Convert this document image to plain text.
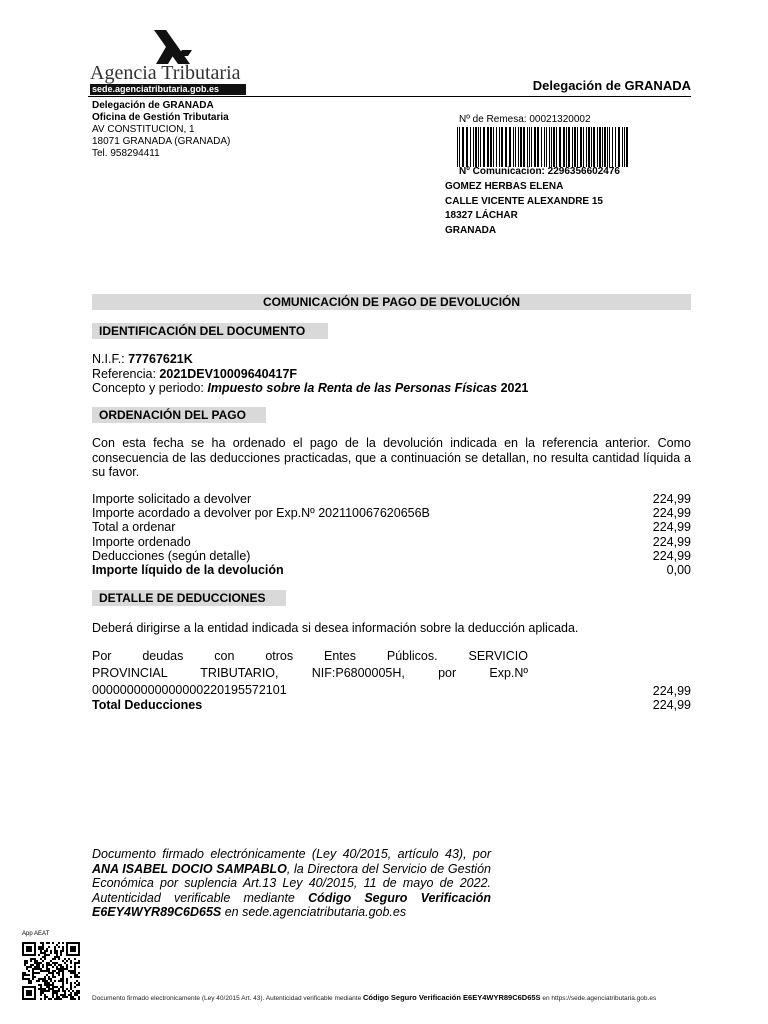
Agencia Tributaria
sede.agenciatributaria.gob.es	Delegación de GRANADA
Delegación de GRANADA
Oficina de Gestión Tributaria
AV CONSTITUCION, 1
18071 GRANADA (GRANADA)
Tel. 958294411
Nº de Remesa: 00021320002
Nº Comunicacion: 2296356602476
GOMEZ HERBAS ELENA
CALLE VICENTE ALEXANDRE 15
18327 LÁCHAR
GRANADA
COMUNICACIÓN DE PAGO DE DEVOLUCIÓN
IDENTIFICACIÓN DEL DOCUMENTO
N.I.F.: 77767621K
Referencia: 2021DEV10009640417F
Concepto y periodo: Impuesto sobre la Renta de las Personas Físicas 2021
ORDENACIÓN DEL PAGO
Con esta fecha se ha ordenado el pago de la devolución indicada en la referencia anterior. Como consecuencia de las deducciones practicadas, que a continuación se detallan, no resulta cantidad líquida a su favor.
Importe solicitado a devolver	224,99
Importe acordado a devolver por Exp.Nº 202110067620656B	224,99
Total a ordenar	224,99
Importe ordenado	224,99
Deducciones (según detalle)	224,99
Importe líquido de la devolución	0,00
DETALLE DE DEDUCCIONES
Deberá dirigirse a la entidad indicada si desea información sobre la deducción aplicada.
Por deudas con otros Entes Públicos. SERVICIO
PROVINCIAL TRIBUTARIO, NIF:P6800005H, por Exp.Nº
0000000000000000220195572101	224,99
Total Deducciones	224,99
Documento firmado electrónicamente (Ley 40/2015, artículo 43), por ANA ISABEL DOCIO SAMPABLO, la Directora del Servicio de Gestión Económica por suplencia Art.13 Ley 40/2015, 11 de mayo de 2022. Autenticidad verificable mediante Código Seguro Verificación E6EY4WYR89C6D65S en sede.agenciatributaria.gob.es
App AEAT
Documento firmado electronicamente (Ley 40/2015 Art. 43). Autenticidad verificable mediante Código Seguro Verificación E6EY4WYR89C6D65S en https://sede.agenciatributaria.gob.es
